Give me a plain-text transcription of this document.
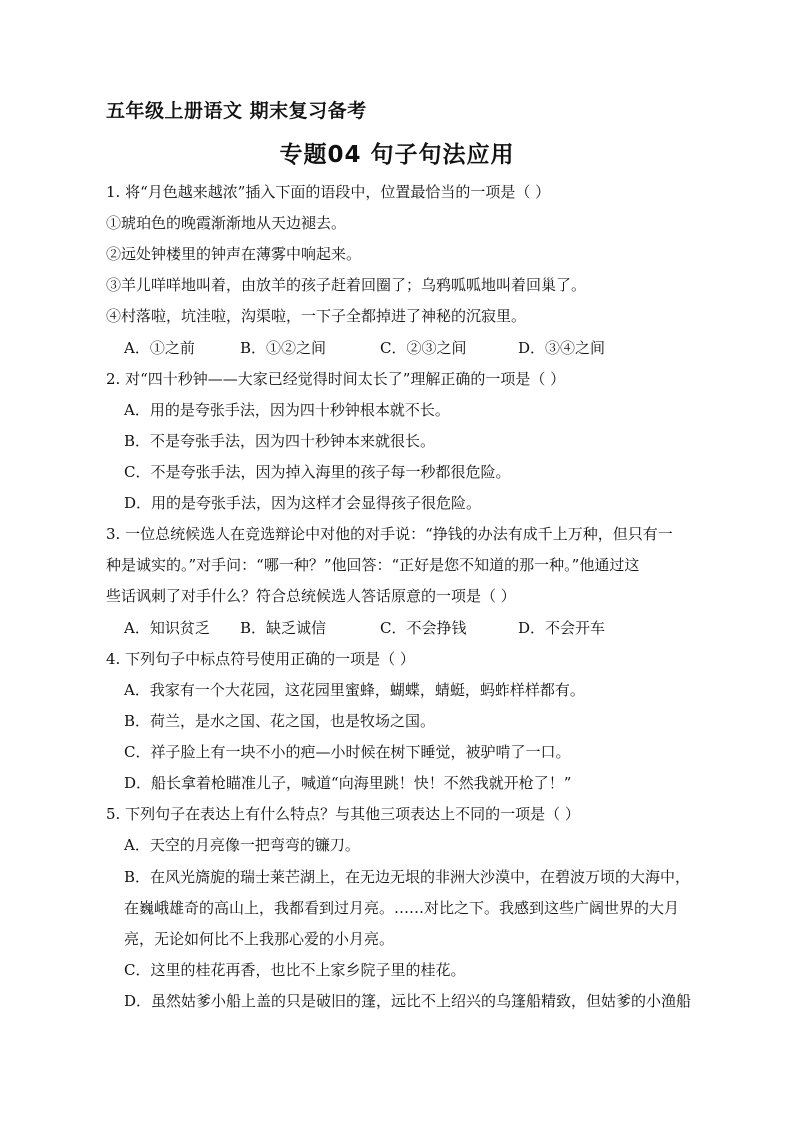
五年级上册语文 期末复习备考
专题04 句子句法应用
1. 将“月色越来越浓”插入下面的语段中，位置最恰当的一项是（ ）
①琥珀色的晚霞渐渐地从天边褪去。
②远处钟楼里的钟声在薄雾中响起来。
③羊儿咩咩地叫着，由放羊的孩子赶着回圈了；乌鸦呱呱地叫着回巢了。
④村落啦，坑洼啦，沟渠啦，一下子全都掉进了神秘的沉寂里。
A．①之前	B．①②之间	C．②③之间	D．③④之间
2. 对“四十秒钟——大家已经觉得时间太长了”理解正确的一项是（ ）
A．用的是夸张手法，因为四十秒钟根本就不长。
B．不是夸张手法，因为四十秒钟本来就很长。
C．不是夸张手法，因为掉入海里的孩子每一秒都很危险。
D．用的是夸张手法，因为这样才会显得孩子很危险。
3. 一位总统候选人在竞选辩论中对他的对手说：“挣钱的办法有成千上万种，但只有一
种是诚实的。”对手问：“哪一种？”他回答：“正好是您不知道的那一种。”他通过这
些话讽刺了对手什么？符合总统候选人答话原意的一项是（ ）
A．知识贫乏 B．缺乏诚信	C．不会挣钱	D．不会开车
4. 下列句子中标点符号使用正确的一项是（ ）
A．我家有一个大花园，这花园里蜜蜂，蝴蝶，蜻蜓，蚂蚱样样都有。
B．荷兰，是水之国、花之国，也是牧场之国。
C．祥子脸上有一块不小的疤—小时候在树下睡觉，被驴啃了一口。
D．船长拿着枪瞄准儿子，喊道“向海里跳！快！不然我就开枪了！”
5. 下列句子在表达上有什么特点？与其他三项表达上不同的一项是（ ）
A．天空的月亮像一把弯弯的镰刀。
B．在风光旖旎的瑞士莱芒湖上，在无边无垠的非洲大沙漠中，在碧波万顷的大海中，
在巍峨雄奇的高山上，我都看到过月亮。……对比之下。我感到这些广阔世界的大月
亮，无论如何比不上我那心爱的小月亮。
C．这里的桂花再香，也比不上家乡院子里的桂花。
D．虽然姑爹小船上盖的只是破旧的篷，远比不上绍兴的乌篷船精致，但姑爹的小渔船
